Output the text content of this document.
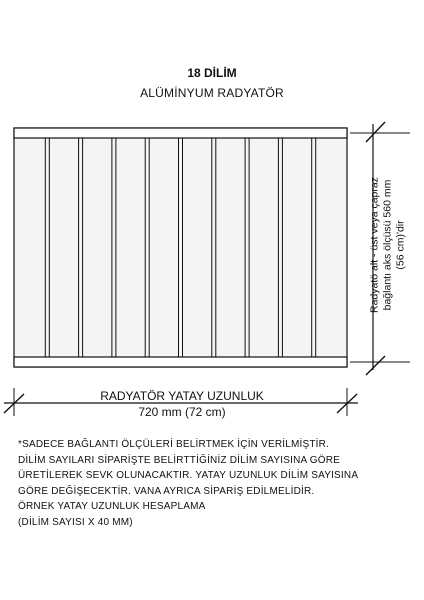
18 DİLİM
ALÜMİNYUM RADYATÖR
Radyatö alt - üst veya çapraz bağlantı aks ölçüsü 560 mm (56 cm)'dir
RADYATÖR YATAY UZUNLUK
720 mm (72 cm)
*SADECE BAĞLANTI ÖLÇÜLERİ BELİRTMEK İÇİN VERİLMİŞTİR.
DİLİM SAYILARI SİPARİŞTE BELİRTTİĞİNİZ DİLİM SAYISINA GÖRE
ÜRETİLEREK SEVK OLUNACAKTIR. YATAY UZUNLUK DİLİM SAYISINA
GÖRE DEĞİŞECEKTİR. VANA AYRICA SİPARİŞ EDİLMELİDİR.
ÖRNEK YATAY UZUNLUK HESAPLAMA
(DİLİM SAYISI X 40 MM)
